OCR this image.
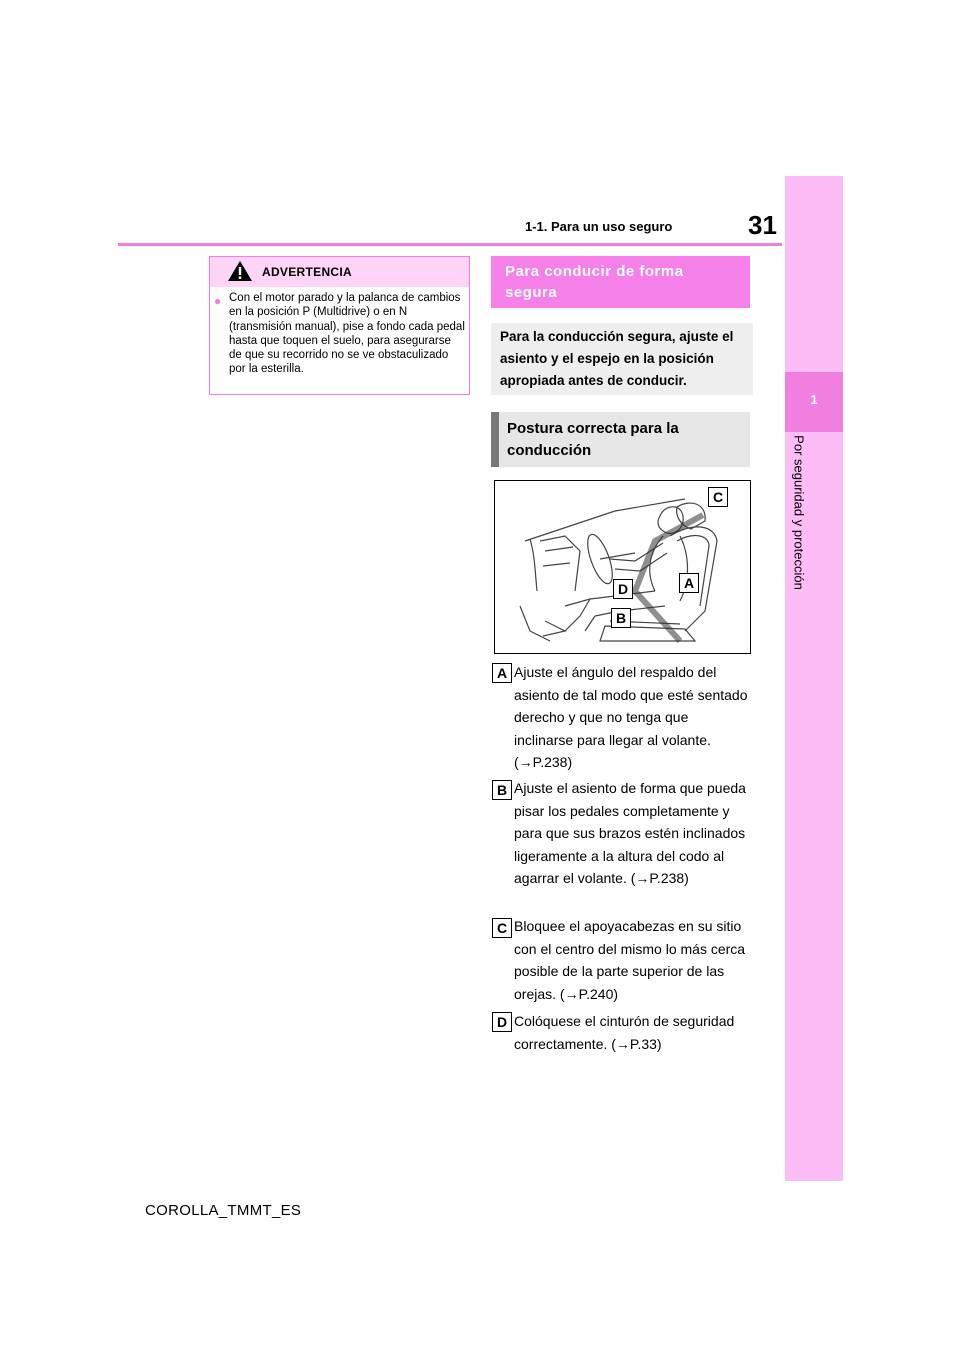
31
1-1. Para un uso seguro
1
Por seguridad y protección
ADVERTENCIA
● Con el motor parado y la palanca de cambios en la posición P (Multidrive) o en N (transmisión manual), pise a fondo cada pedal hasta que toquen el suelo, para asegurarse de que su recorrido no se ve obstaculizado por la esterilla.
Para conducir de forma segura
Para la conducción segura, ajuste el asiento y el espejo en la posición apropiada antes de conducir.
Postura correcta para la conducción
C
D	A
B
A Ajuste el ángulo del respaldo del asiento de tal modo que esté sentado derecho y que no tenga que inclinarse para llegar al volante. (→P.238)
B Ajuste el asiento de forma que pueda pisar los pedales completamente y para que sus brazos estén inclinados ligeramente a la altura del codo al agarrar el volante. (→P.238)
C Bloquee el apoyacabezas en su sitio con el centro del mismo lo más cerca posible de la parte superior de las orejas. (→P.240)
D Colóquese el cinturón de seguridad correctamente. (→P.33)
COROLLA_TMMT_ES
